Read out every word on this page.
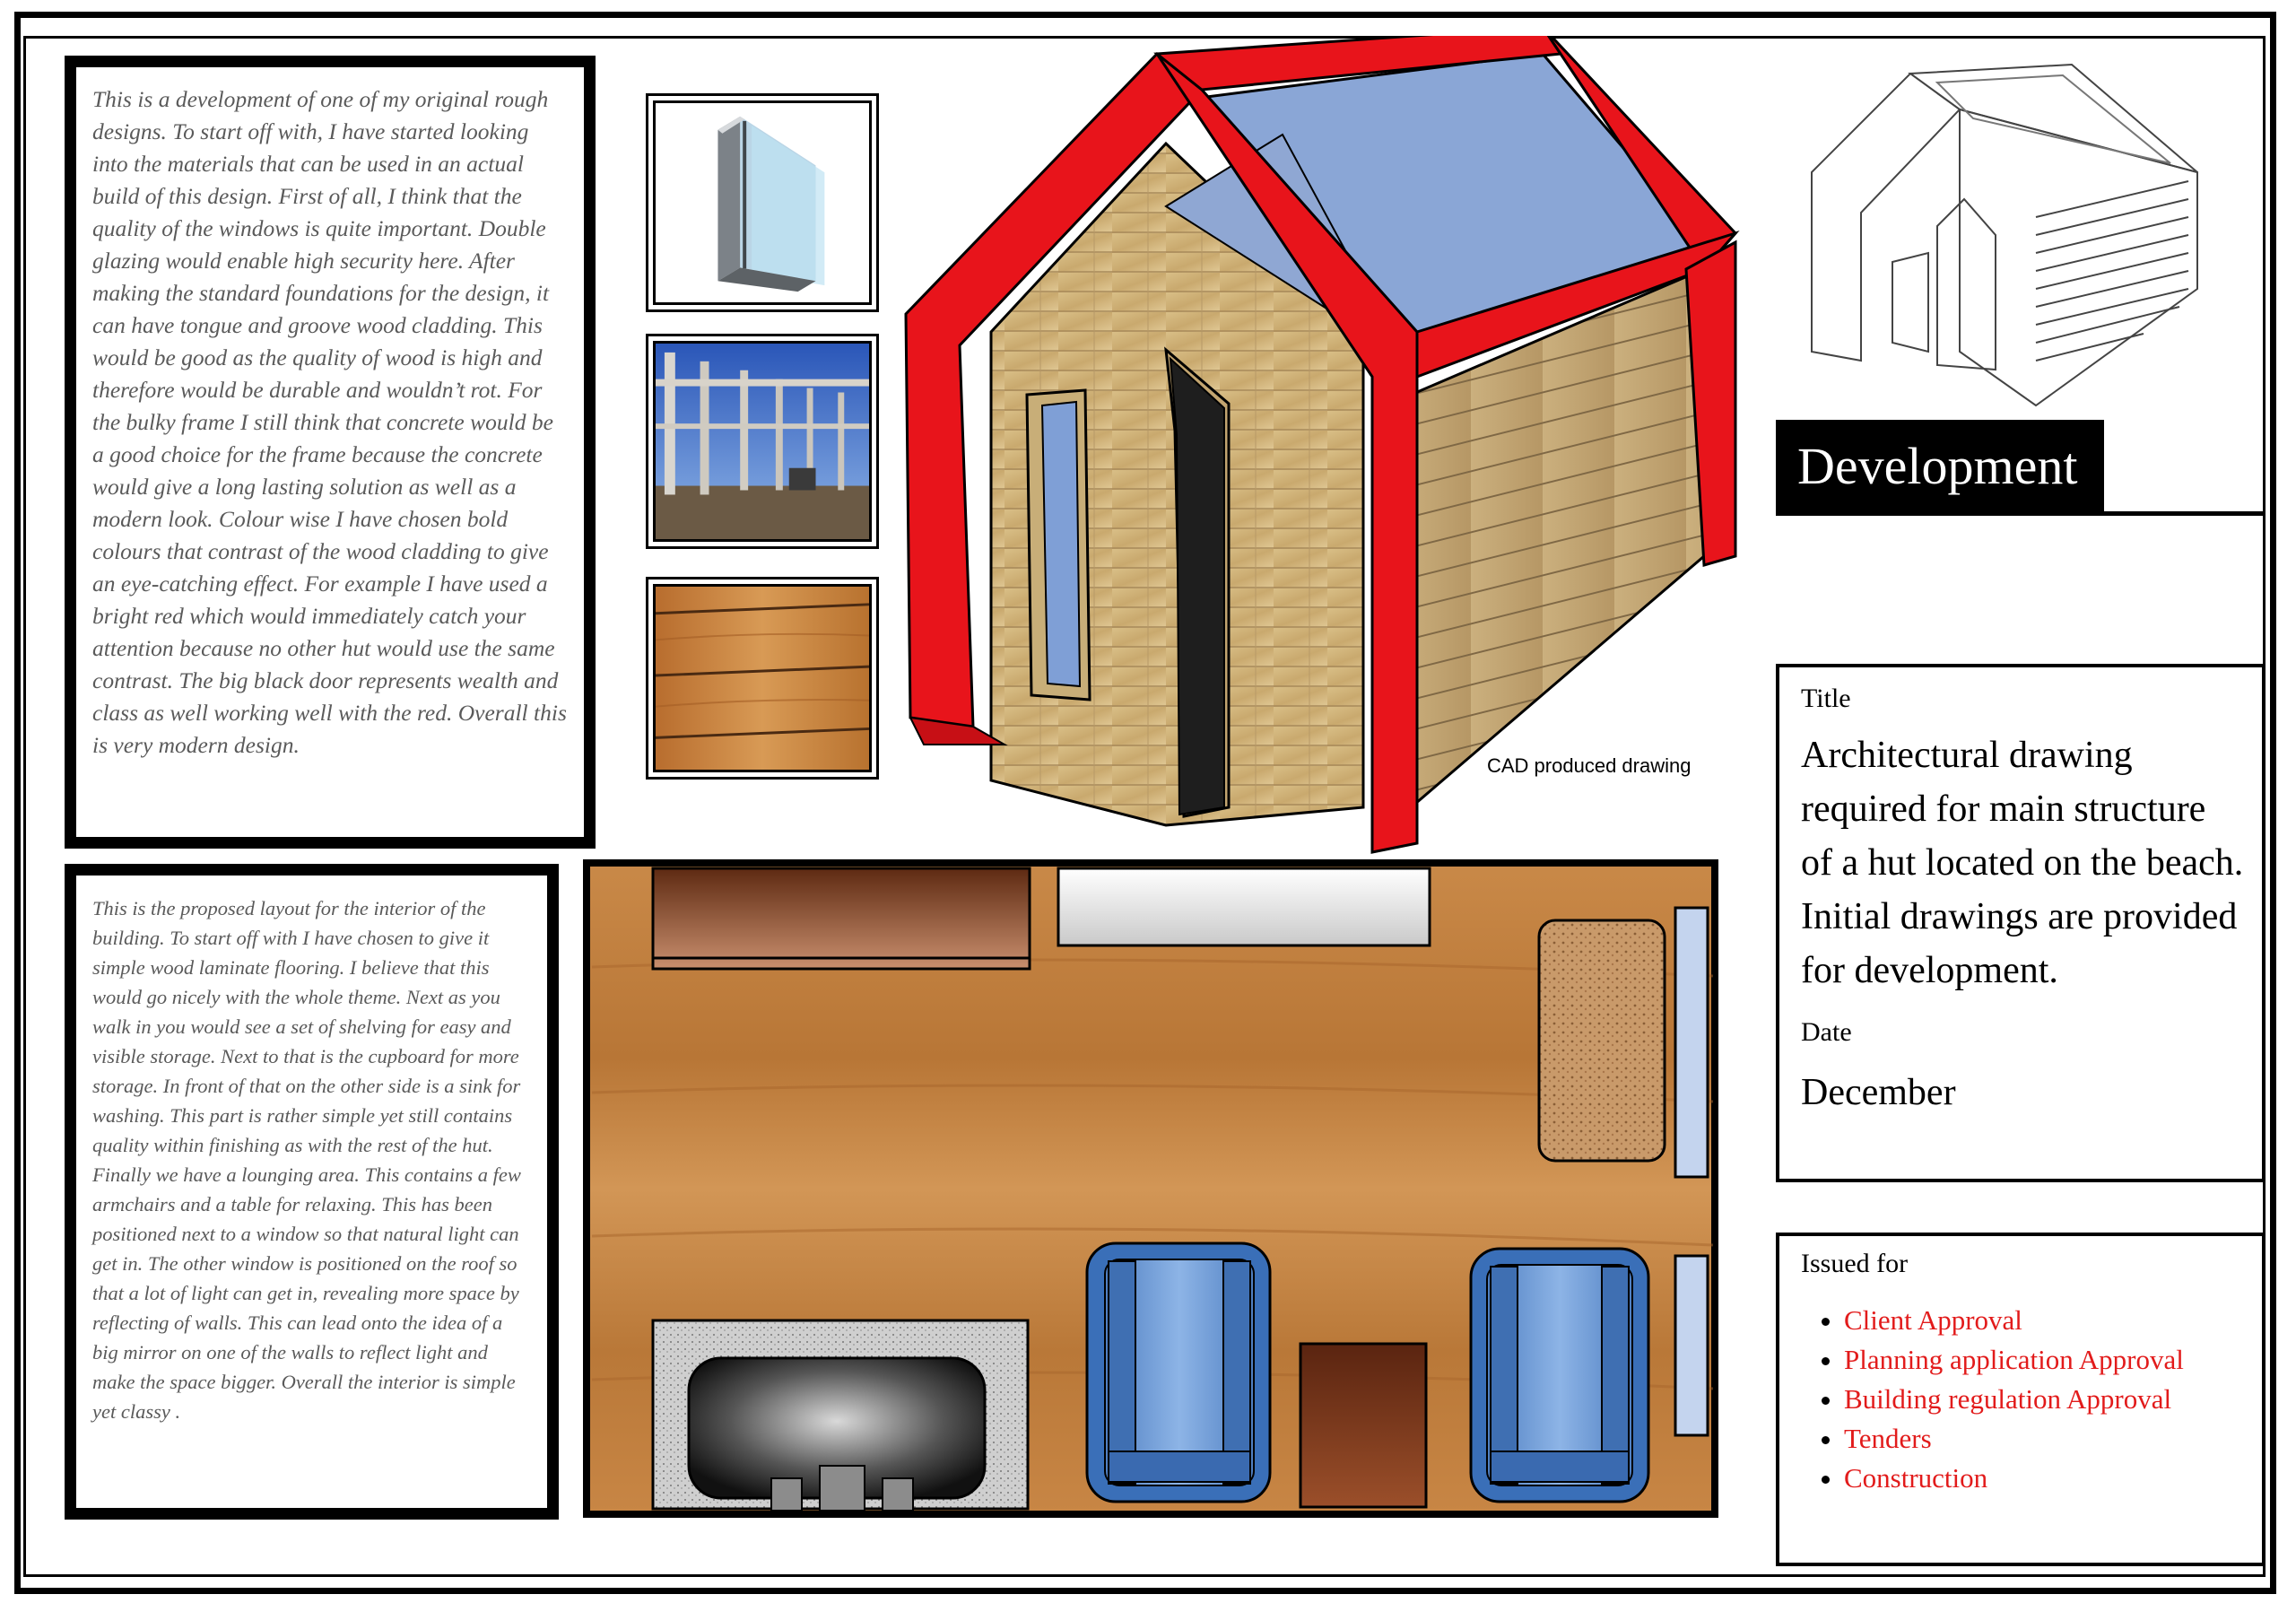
This is a development of one of my original rough designs. To start off with, I have started looking into the materials that can be used in an actual build of this design. First of all, I think that the quality of the windows is quite important. Double glazing would enable high security here. After making the standard foundations for the design, it can have tongue and groove wood cladding. This would be good as the quality of wood is high and therefore would be durable and wouldn’t rot. For the bulky frame I still think that concrete would be a good choice for the frame because the concrete would give a long lasting solution as well as a modern look. Colour wise I have chosen bold colours that contrast of the wood cladding to give an eye-catching effect. For example I have used a bright red which would immediately catch your attention because no other hut would use the same contrast. The big black door represents wealth and class as well working well with the red. Overall this is very modern design.

This is the proposed layout for the interior of the building. To start off with I have chosen to give it simple wood laminate flooring. I believe that this would go nicely with the whole theme. Next as you walk in you would see a set of shelving for easy and visible storage. Next to that is the cupboard for more storage. In front of that on the other side is a sink for washing. This part is rather simple yet still contains quality within finishing as with the rest of the hut. Finally we have a lounging area. This contains a few armchairs and a table for relaxing. This has been positioned next to a window so that natural light can get in. The other window is positioned on the roof so that a lot of light can get in, revealing more space by reflecting of walls. This can lead onto the idea of a big mirror on one of the walls to reflect light and make the space bigger. Overall the interior is simple yet classy .

CAD produced drawing
Development

Title

Architectural drawing required for main structure of a hut located on the beach. Initial drawings are provided for development.

Date

December

Issued for

• Client Approval
• Planning application Approval
• Building regulation Approval
• Tenders
• Construction
